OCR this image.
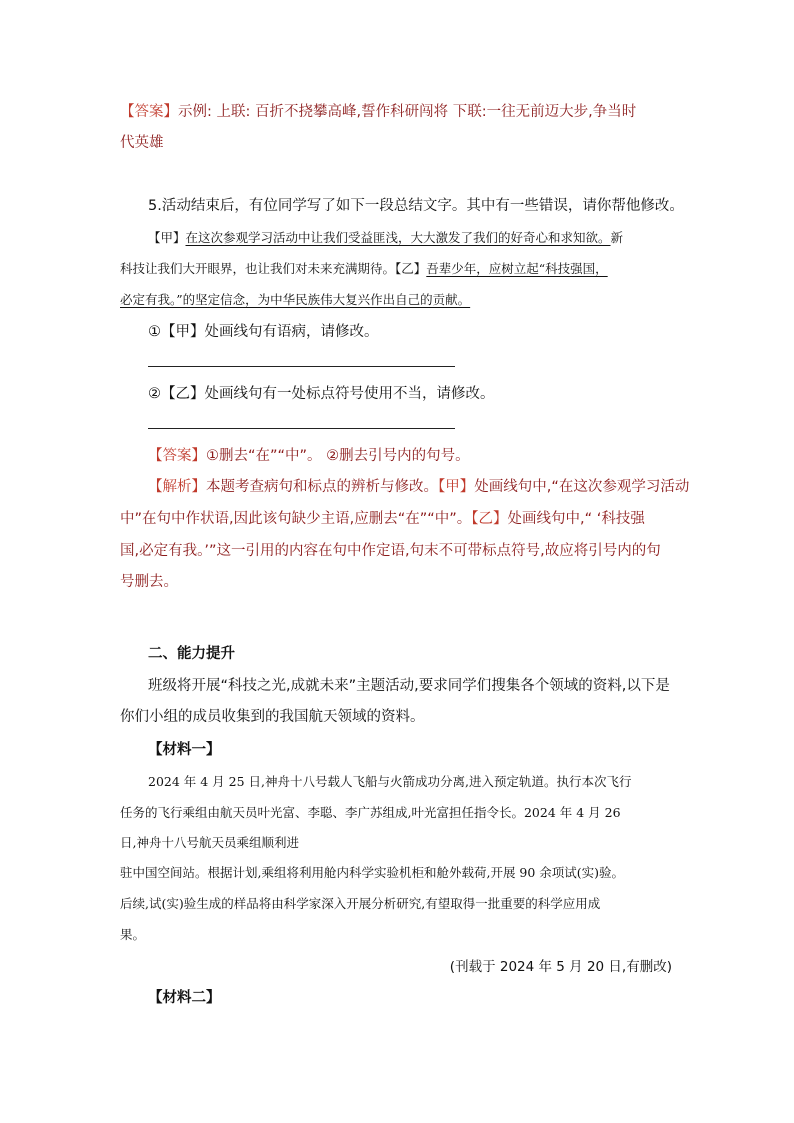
【答案】示例: 上联: 百折不挠攀高峰,誓作科研闯将 下联:一往无前迈大步,争当时
代英雄
5.活动结束后，有位同学写了如下一段总结文字。其中有一些错误，请你帮他修改。
【甲】在这次参观学习活动中让我们受益匪浅，大大激发了我们的好奇心和求知欲。新
科技让我们大开眼界，也让我们对未来充满期待。【乙】吾辈少年，应树立起“科技强国，
必定有我。”的坚定信念，为中华民族伟大复兴作出自己的贡献。
①【甲】处画线句有语病，请修改。
②【乙】处画线句有一处标点符号使用不当，请修改。
【答案】①删去“在”“中”。 ②删去引号内的句号。
【解析】本题考查病句和标点的辨析与修改。【甲】处画线句中,“在这次参观学习活动
中”在句中作状语,因此该句缺少主语,应删去“在”“中”。【乙】处画线句中,“ ‘科技强
国,必定有我。’”这一引用的内容在句中作定语,句末不可带标点符号,故应将引号内的句
号删去。
二、能力提升
班级将开展“科技之光,成就未来”主题活动,要求同学们搜集各个领域的资料,以下是
你们小组的成员收集到的我国航天领域的资料。
【材料一】
2024 年 4 月 25 日,神舟十八号载人飞船与火箭成功分离,进入预定轨道。执行本次飞行
任务的飞行乘组由航天员叶光富、李聪、李广苏组成,叶光富担任指令长。2024 年 4 月 26
日,神舟十八号航天员乘组顺利进
驻中国空间站。根据计划,乘组将利用舱内科学实验机柜和舱外载荷,开展 90 余项试(实)验。
后续,试(实)验生成的样品将由科学家深入开展分析研究,有望取得一批重要的科学应用成
果。
(刊载于 2024 年 5 月 20 日,有删改)
【材料二】
